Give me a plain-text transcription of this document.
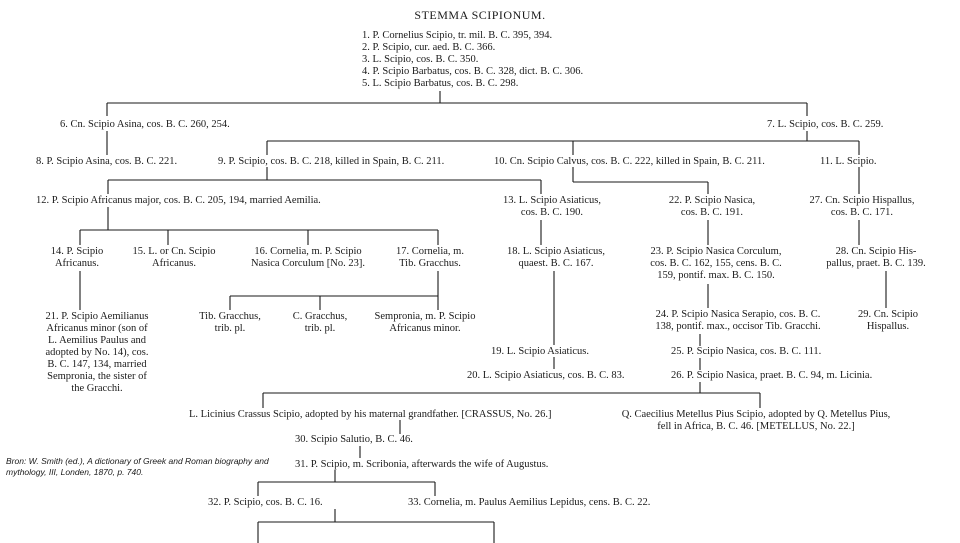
STEMMA SCIPIONUM.
1. P. Cornelius Scipio, tr. mil. B. C. 395, 394.
2. P. Scipio, cur. aed. B. C. 366.
3. L. Scipio, cos. B. C. 350.
4. P. Scipio Barbatus, cos. B. C. 328, dict. B. C. 306.
5. L. Scipio Barbatus, cos. B. C. 298.
6. Cn. Scipio Asina, cos. B. C. 260, 254.	7. L. Scipio, cos. B. C. 259.
8. P. Scipio Asina, cos. B. C. 221.	9. P. Scipio, cos. B. C. 218, killed in Spain, B. C. 211.	10. Cn. Scipio Calvus, cos. B. C. 222, killed in Spain, B. C. 211.	11. L. Scipio.
12. P. Scipio Africanus major, cos. B. C. 205, 194, married Aemilia.	13. L. Scipio Asiaticus,
cos. B. C. 190.
22. P. Scipio Nasica,
cos. B. C. 191.
27. Cn. Scipio Hispallus,
cos. B. C. 171.
14. P. Scipio
Africanus.
15. L. or Cn. Scipio
Africanus.
16. Cornelia, m. P. Scipio
Nasica Corculum [No. 23].
17. Cornelia, m.
Tib. Gracchus.
18. L. Scipio Asiaticus,
quaest. B. C. 167.
23. P. Scipio Nasica Corculum,
cos. B. C. 162, 155, cens. B. C.
159, pontif. max. B. C. 150.
28. Cn. Scipio His-
pallus, praet. B. C. 139.
21. P. Scipio Aemilianus
Africanus minor (son of
L. Aemilius Paulus and
adopted by No. 14), cos.
B. C. 147, 134, married
Sempronia, the sister of
the Gracchi.
Tib. Gracchus,
trib. pl.
C. Gracchus,
trib. pl.
Sempronia, m. P. Scipio
Africanus minor.
24. P. Scipio Nasica Serapio, cos. B. C.
138, pontif. max., occisor Tib. Gracchi.
29. Cn. Scipio
Hispallus.
25. P. Scipio Nasica, cos. B. C. 111.
19. L. Scipio Asiaticus.
20. L. Scipio Asiaticus, cos. B. C. 83.	26. P. Scipio Nasica, praet. B. C. 94, m. Licinia.
L. Licinius Crassus Scipio, adopted by his maternal grandfather. [CRASSUS, No. 26.]	Q. Caecilius Metellus Pius Scipio, adopted by Q. Metellus Pius,
fell in Africa, B. C. 46. [METELLUS, No. 22.]
30. Scipio Salutio, B. C. 46.
31. P. Scipio, m. Scribonia, afterwards the wife of Augustus.
Bron: W. Smith (ed.), A dictionary of Greek and Roman biography and
mythology, III, Londen, 1870, p. 740.
32. P. Scipio, cos. B. C. 16.	33. Cornelia, m. Paulus Aemilius Lepidus, cens. B. C. 22.
